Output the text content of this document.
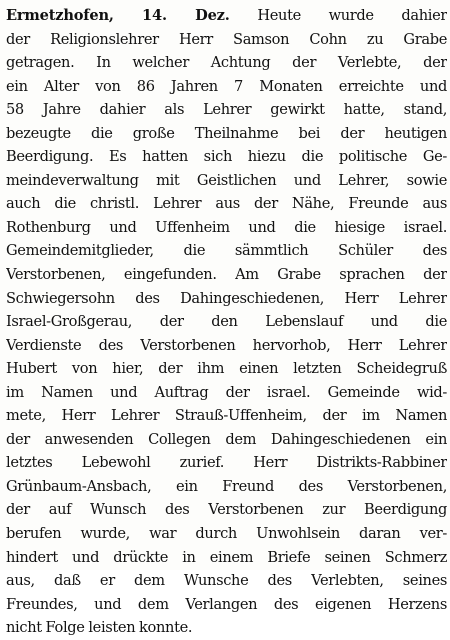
Ermetzhofen, 14. Dez. Heute wurde dahier
der Religionslehrer Herr Samson Cohn zu Grabe
getragen. In welcher Achtung der Verlebte, der
ein Alter von 86 Jahren 7 Monaten erreichte und
58 Jahre dahier als Lehrer gewirkt hatte, stand,
bezeugte die große Theilnahme bei der heutigen
Beerdigung. Es hatten sich hiezu die politische Ge-
meindeverwaltung mit Geistlichen und Lehrer, sowie
auch die christl. Lehrer aus der Nähe, Freunde aus
Rothenburg und Uffenheim und die hiesige israel.
Gemeindemitglieder, die sämmtlich Schüler des
Verstorbenen, eingefunden. Am Grabe sprachen der
Schwiegersohn des Dahingeschiedenen, Herr Lehrer
Israel-Großgerau, der den Lebenslauf und die
Verdienste des Verstorbenen hervorhob, Herr Lehrer
Hubert von hier, der ihm einen letzten Scheidegruß
im Namen und Auftrag der israel. Gemeinde wid-
mete, Herr Lehrer Strauß-Uffenheim, der im Namen
der anwesenden Collegen dem Dahingeschiedenen ein
letztes Lebewohl zurief. Herr Distrikts-Rabbiner
Grünbaum-Ansbach, ein Freund des Verstorbenen,
der auf Wunsch des Verstorbenen zur Beerdigung
berufen wurde, war durch Unwohlsein daran ver-
hindert und drückte in einem Briefe seinen Schmerz
aus, daß er dem Wunsche des Verlebten, seines
Freundes, und dem Verlangen des eigenen Herzens
nicht Folge leisten konnte.
